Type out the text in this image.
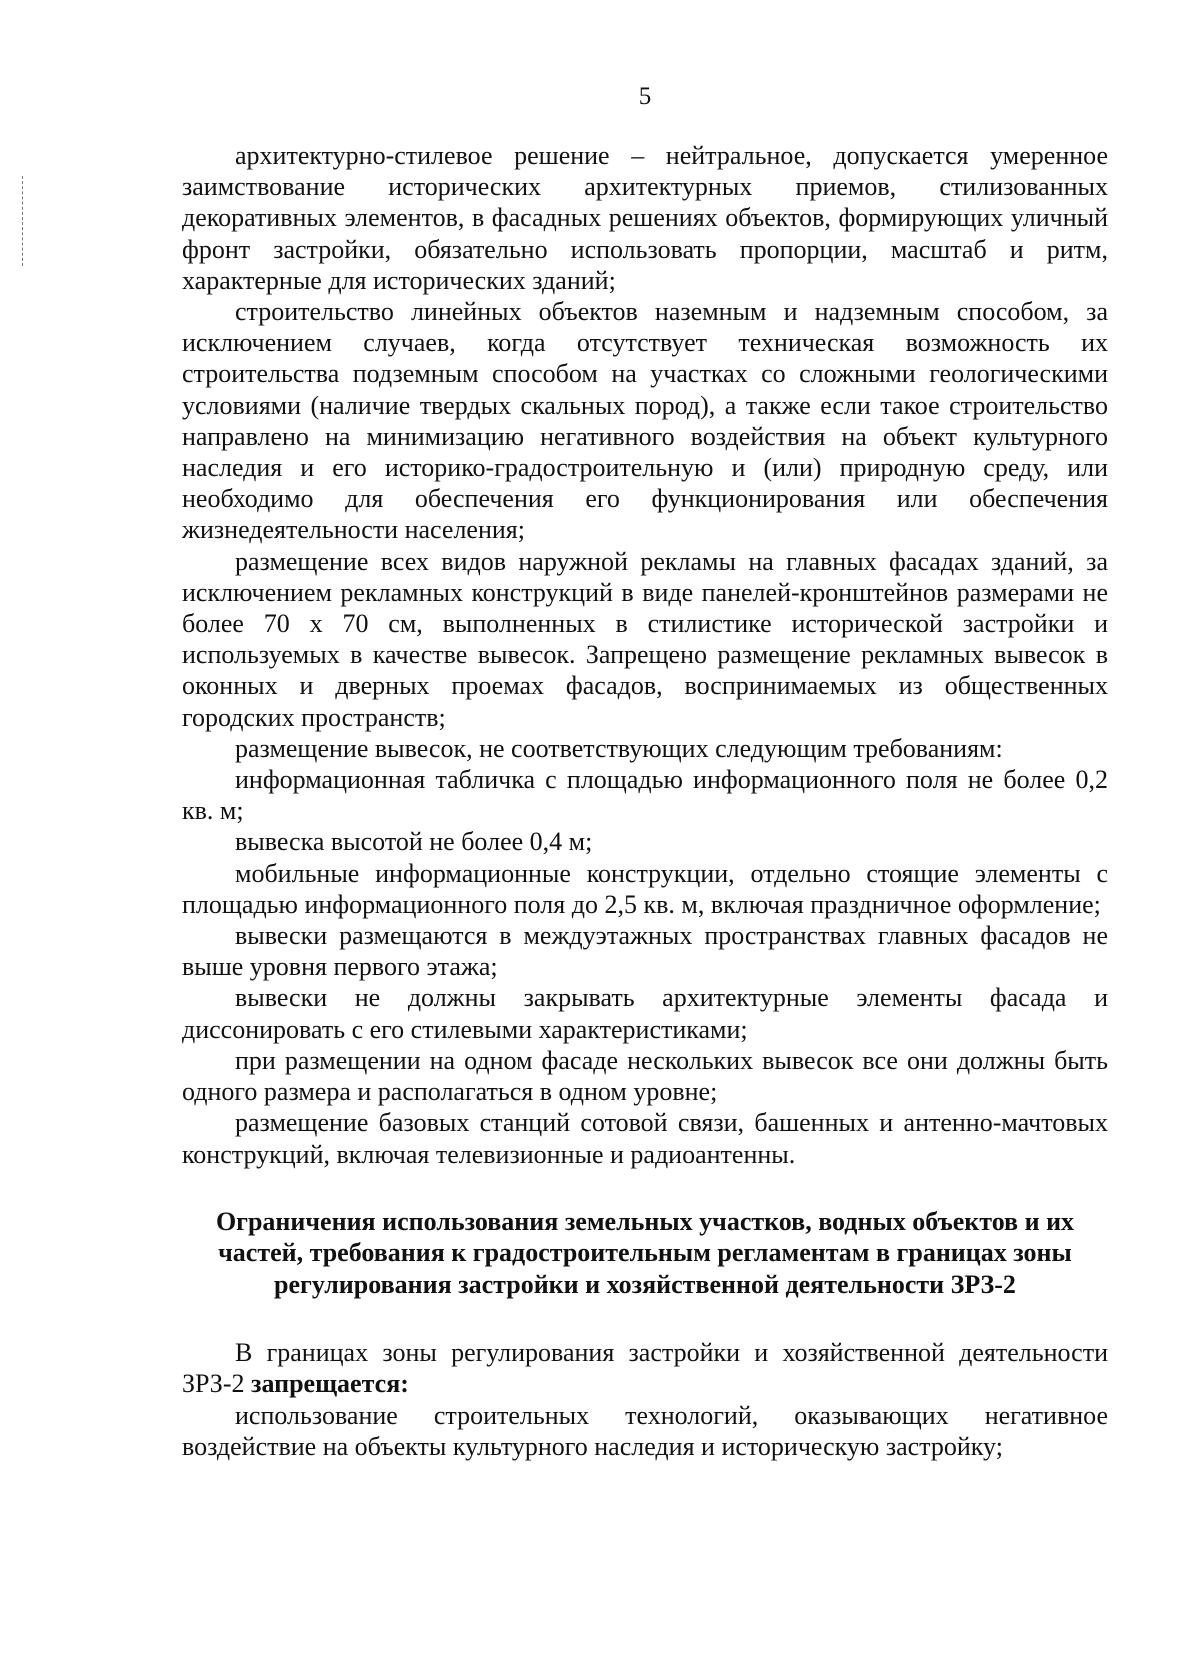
5

архитектурно-стилевое решение – нейтральное, допускается умеренное заимствование исторических архитектурных приемов, стилизованных декоративных элементов, в фасадных решениях объектов, формирующих уличный фронт застройки, обязательно использовать пропорции, масштаб и ритм, характерные для исторических зданий;

строительство линейных объектов наземным и надземным способом, за исключением случаев, когда отсутствует техническая возможность их строительства подземным способом на участках со сложными геологическими условиями (наличие твердых скальных пород), а также если такое строительство направлено на минимизацию негативного воздействия на объект культурного наследия и его историко-градостроительную и (или) природную среду, или необходимо для обеспечения его функционирования или обеспечения жизнедеятельности населения;

размещение всех видов наружной рекламы на главных фасадах зданий, за исключением рекламных конструкций в виде панелей-кронштейнов размерами не более 70 х 70 см, выполненных в стилистике исторической застройки и используемых в качестве вывесок. Запрещено размещение рекламных вывесок в оконных и дверных проемах фасадов, воспринимаемых из общественных городских пространств;

размещение вывесок, не соответствующих следующим требованиям:

информационная табличка с площадью информационного поля не более 0,2 кв. м;

вывеска высотой не более 0,4 м;

мобильные информационные конструкции, отдельно стоящие элементы с площадью информационного поля до 2,5 кв. м, включая праздничное оформление;

вывески размещаются в междуэтажных пространствах главных фасадов не выше уровня первого этажа;

вывески не должны закрывать архитектурные элементы фасада и диссонировать с его стилевыми характеристиками;

при размещении на одном фасаде нескольких вывесок все они должны быть одного размера и располагаться в одном уровне;

размещение базовых станций сотовой связи, башенных и антенно-мачтовых конструкций, включая телевизионные и радиоантенны.

Ограничения использования земельных участков, водных объектов и их частей, требования к градостроительным регламентам в границах зоны регулирования застройки и хозяйственной деятельности ЗРЗ-2

В границах зоны регулирования застройки и хозяйственной деятельности ЗРЗ-2 запрещается:

использование строительных технологий, оказывающих негативное воздействие на объекты культурного наследия и историческую застройку;
